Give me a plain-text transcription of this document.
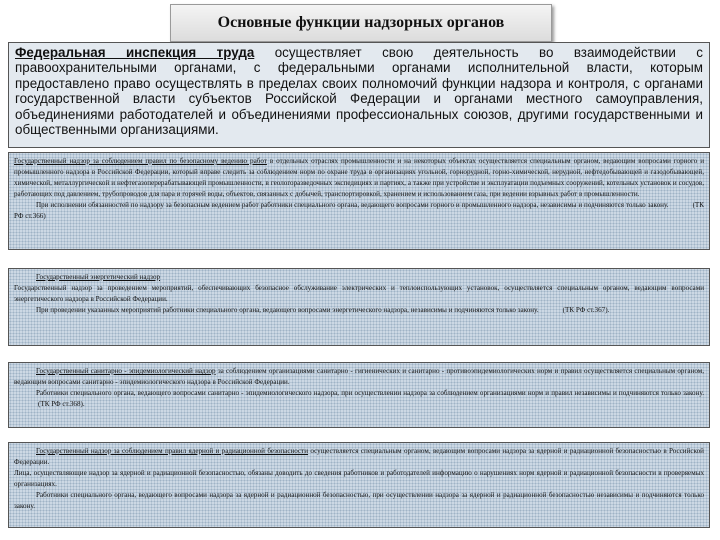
Основные функции надзорных органов
Федеральная инспекция труда осуществляет свою деятельность во взаимодействии с правоохранительными органами, с федеральными органами исполнительной власти, которым предоставлено право осуществлять в пределах своих полномочий функции надзора и контроля, с органами государственной власти субъектов Российской Федерации и органами местного самоуправления, объединениями работодателей и объединениями профессиональных союзов, другими государственными и общественными организациями.

Государственный надзор за соблюдением правил по безопасному ведению работ в отдельных отраслях промышленности и на некоторых объектах осуществляется специальным органом, ведающим вопросами горного и промышленного надзора в Российской Федерации, который вправе следить за соблюдением норм по охране труда в организациях угольной, горнорудной, горно-химической, нерудной, нефтедобывающей и газодобывающей, химической, металлургической и нефтегазоперерабатывающей промышленности, в геологоразведочных экспедициях и партиях, а также при устройстве и эксплуатации подъемных сооружений, котельных установок и сосудов, работающих под давлением, трубопроводов для пара и горячей воды, объектов, связанных с добычей, транспортировкой, хранением и использованием газа, при ведении взрывных работ в промышленности.

При исполнении обязанностей по надзору за безопасным ведением работ работники специального органа, ведающего вопросами горного и промышленного надзора, независимы и подчиняются только закону.	(ТК РФ ст.366)

Государственный энергетический надзор

Государственный надзор за проведением мероприятий, обеспечивающих безопасное обслуживание электрических и теплоиспользующих установок, осуществляется специальным органом, ведающим вопросами энергетического надзора в Российской Федерации.

При проведении указанных мероприятий работники специального органа, ведающего вопросами энергетического надзора, независимы и подчиняются только закону.	(ТК РФ ст.367).

Государственный санитарно - эпидемиологический надзор за соблюдением организациями санитарно - гигиенических и санитарно - противоэпидемиологических норм и правил осуществляется специальным органом, ведающим вопросами санитарно - эпидемиологического надзора в Российской Федерации.

Работники специального органа, ведающего вопросами санитарно - эпидемиологического надзора, при осуществлении надзора за соблюдением организациями норм и правил независимы и подчиняются только закону.(ТК РФ ст.368).

Государственный надзор за соблюдением правил ядерной и радиационной безопасности осуществляется специальным органом, ведающим вопросами надзора за ядерной и радиационной безопасностью в Российской Федерации.

Лица, осуществляющие надзор за ядерной и радиационной безопасностью, обязаны доводить до сведения работников и работодателей информацию о нарушениях норм ядерной и радиационной безопасности в проверяемых организациях.

Работники специального органа, ведающего вопросами надзора за ядерной и радиационной безопасностью, при осуществлении надзора за ядерной и радиационной безопасностью независимы и подчиняются только закону.
